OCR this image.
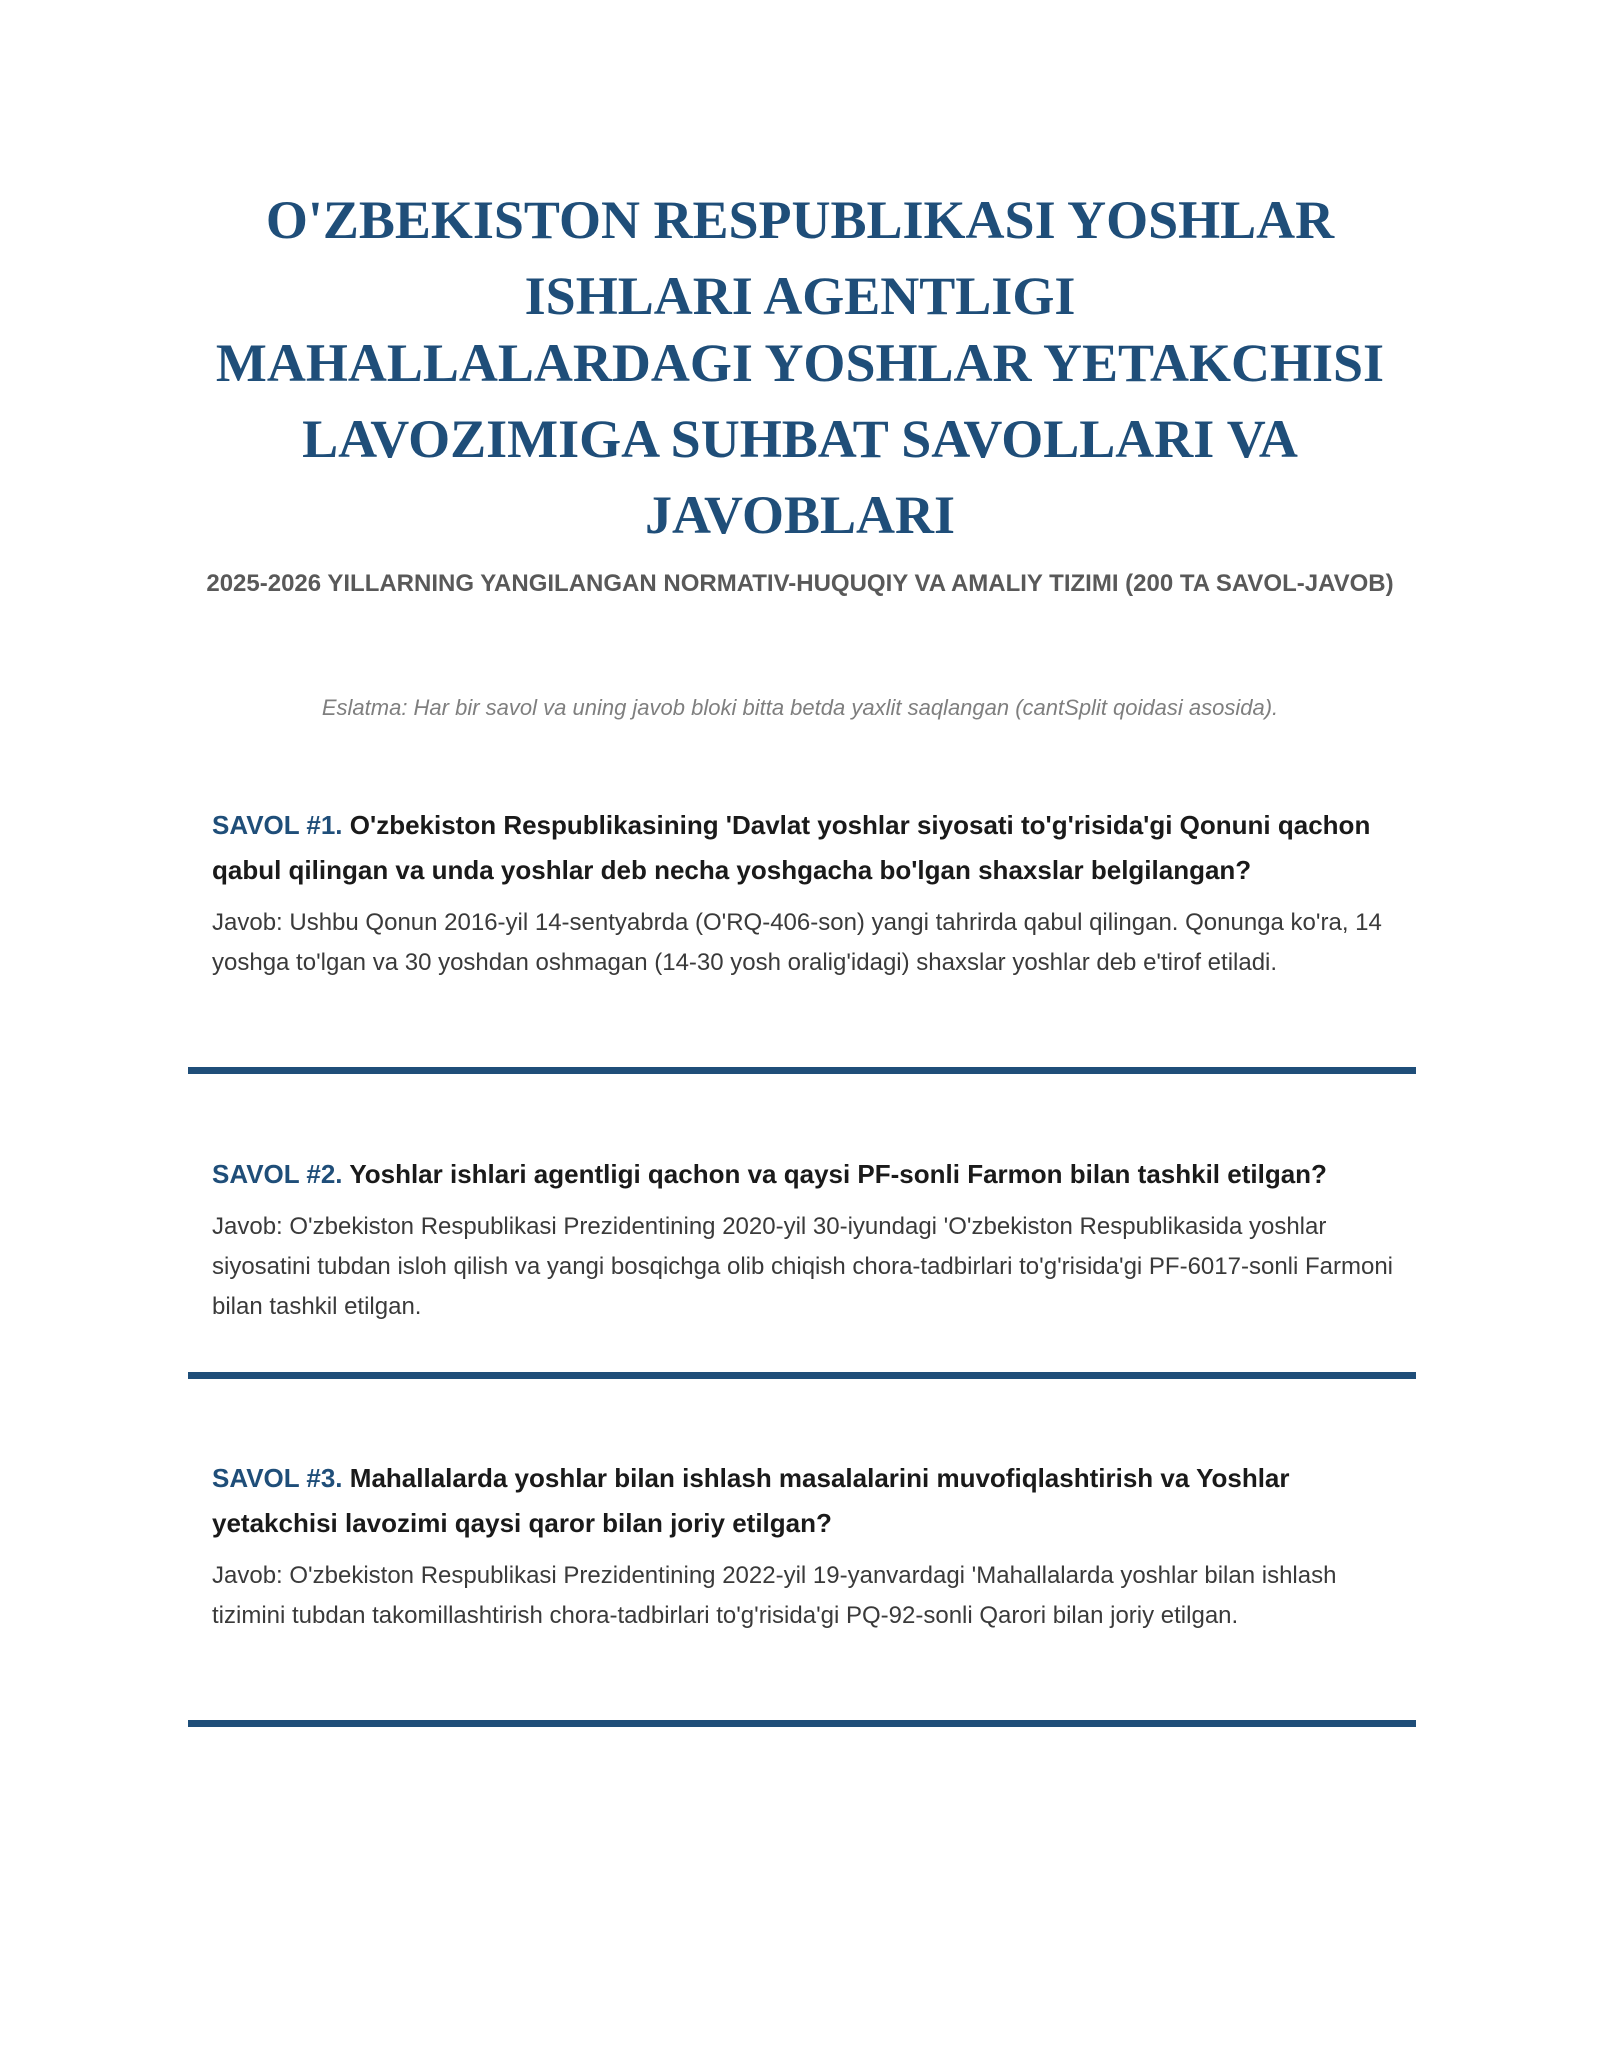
O'ZBEKISTON RESPUBLIKASI YOSHLAR ISHLARI AGENTLIGI
MAHALLALARDAGI YOSHLAR YETAKCHISI LAVOZIMIGA SUHBAT SAVOLLARI VA JAVOBLARI

2025-2026 YILLARNING YANGILANGAN NORMATIV-HUQUQIY VA AMALIY TIZIMI (200 TA SAVOL-JAVOB)

Eslatma: Har bir savol va uning javob bloki bitta betda yaxlit saqlangan (cantSplit qoidasi asosida).

SAVOL #1. O'zbekiston Respublikasining 'Davlat yoshlar siyosati to'g'risida'gi Qonuni qachon qabul qilingan va unda yoshlar deb necha yoshgacha bo'lgan shaxslar belgilangan?

Javob: Ushbu Qonun 2016-yil 14-sentyabrda (O'RQ-406-son) yangi tahrirda qabul qilingan. Qonunga ko'ra, 14 yoshga to'lgan va 30 yoshdan oshmagan (14-30 yosh oralig'idagi) shaxslar yoshlar deb e'tirof etiladi.

SAVOL #2. Yoshlar ishlari agentligi qachon va qaysi PF-sonli Farmon bilan tashkil etilgan?

Javob: O'zbekiston Respublikasi Prezidentining 2020-yil 30-iyundagi 'O'zbekiston Respublikasida yoshlar siyosatini tubdan isloh qilish va yangi bosqichga olib chiqish chora-tadbirlari to'g'risida'gi PF-6017-sonli Farmoni bilan tashkil etilgan.

SAVOL #3. Mahallalarda yoshlar bilan ishlash masalalarini muvofiqlashtirish va Yoshlar yetakchisi lavozimi qaysi qaror bilan joriy etilgan?

Javob: O'zbekiston Respublikasi Prezidentining 2022-yil 19-yanvardagi 'Mahallalarda yoshlar bilan ishlash tizimini tubdan takomillashtirish chora-tadbirlari to'g'risida'gi PQ-92-sonli Qarori bilan joriy etilgan.
